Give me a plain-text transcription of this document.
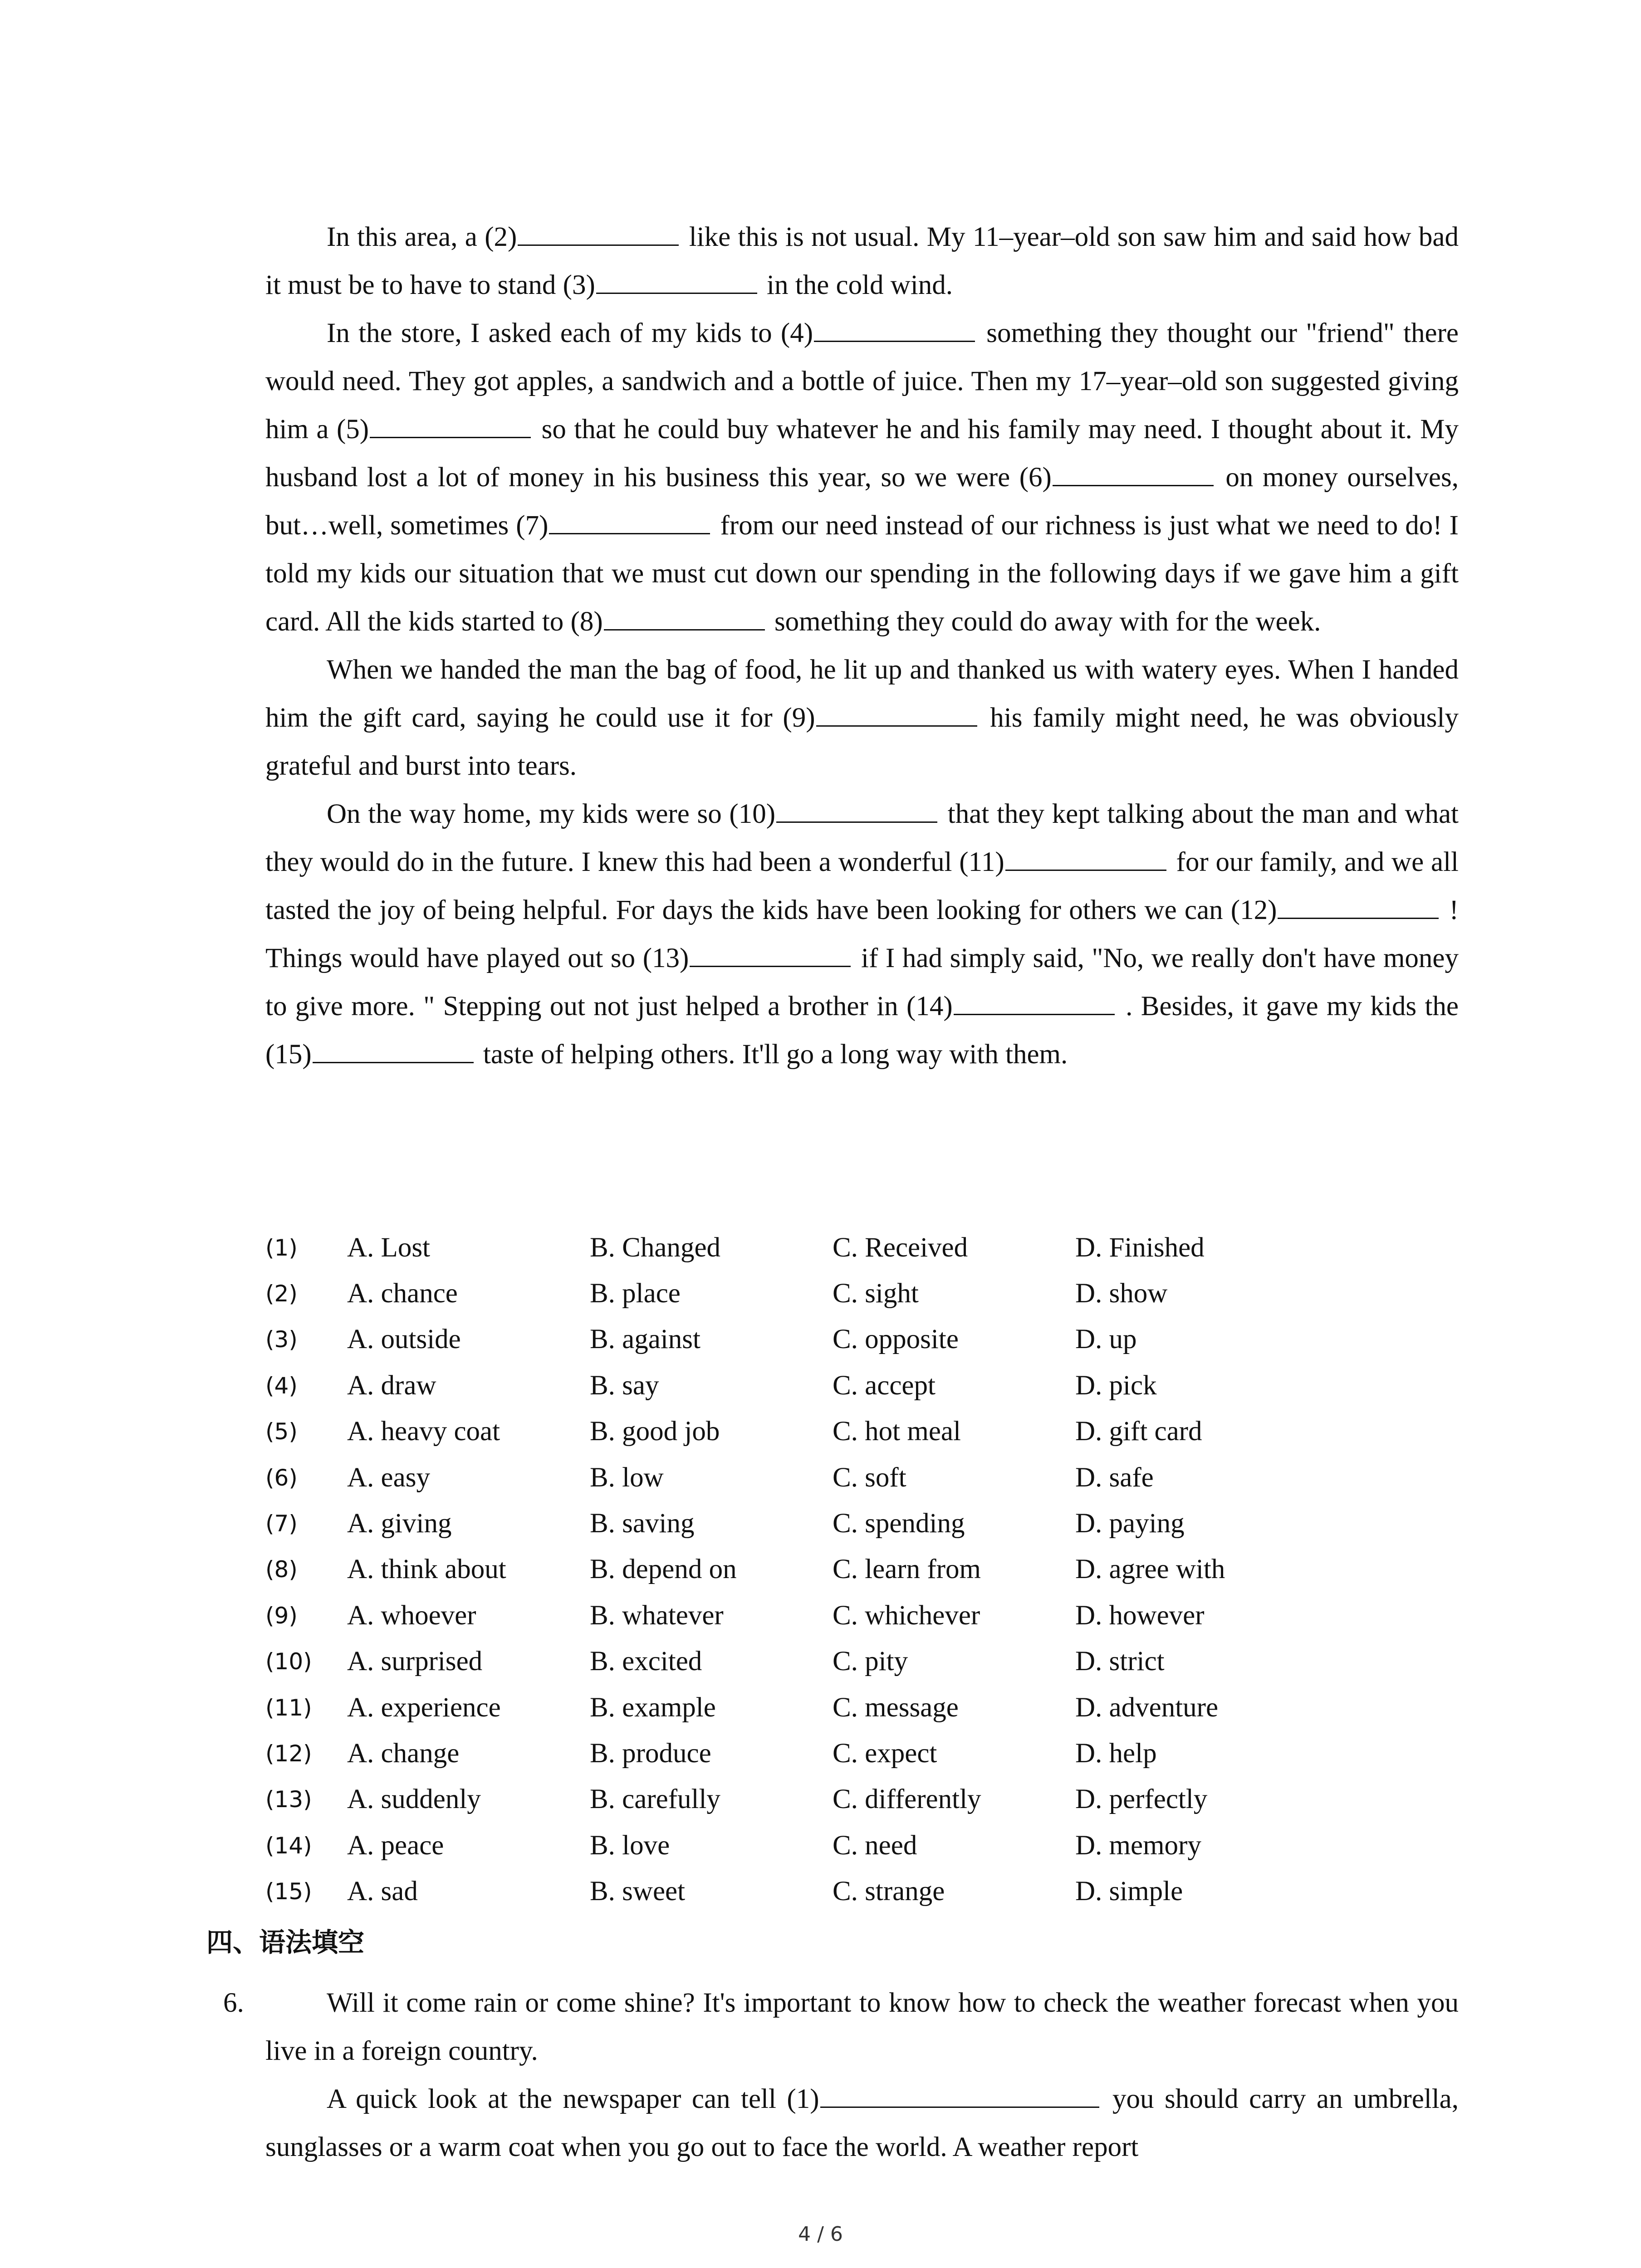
In this area, a (2)	like this is not usual. My 11–year–old son saw him and said how bad it must be to have to stand (3)	in the cold wind.

In the store, I asked each of my kids to (4)	something they thought our "friend" there would need. They got apples, a sandwich and a bottle of juice. Then my 17–year–old son suggested giving him a (5)	so that he could buy whatever he and his family may need. I thought about it. My husband lost a lot of money in his business this year, so we were (6)	on money ourselves, but…well, sometimes (7)	from our need instead of our richness is just what we need to do! I told my kids our situation that we must cut down our spending in the following days if we gave him a gift card. All the kids started to (8)	something they could do away with for the week.

When we handed the man the bag of food, he lit up and thanked us with watery eyes. When I handed him the gift card, saying he could use it for (9)	his family might need, he was obviously grateful and burst into tears.

On the way home, my kids were so (10)	that they kept talking about the man and what they would do in the future. I knew this had been a wonderful (11)	for our family, and we all tasted the joy of being helpful. For days the kids have been looking for others we can (12)	! Things would have played out so (13)	if I had simply said, "No, we really don't have money to give more. " Stepping out not just helped a brother in (14)	. Besides, it gave my kids the (15)	taste of helping others. It'll go a long way with them.

(1)	A. Lost	B. Changed	C. Received	D. Finished
(2)	A. chance	B. place	C. sight	D. show
(3)	A. outside	B. against	C. opposite	D. up
(4)	A. draw	B. say	C. accept	D. pick
(5)	A. heavy coat	B. good job	C. hot meal	D. gift card
(6)	A. easy	B. low	C. soft	D. safe
(7)	A. giving	B. saving	C. spending	D. paying
(8)	A. think about	B. depend on	C. learn from	D. agree with
(9)	A. whoever	B. whatever	C. whichever	D. however
(10)	A. surprised	B. excited	C. pity	D. strict
(11)	A. experience	B. example	C. message	D. adventure
(12)	A. change	B. produce	C. expect	D. help
(13)	A. suddenly	B. carefully	C. differently	D. perfectly
(14)	A. peace	B. love	C. need	D. memory
(15)	A. sad	B. sweet	C. strange	D. simple
四、语法填空
6.	Will it come rain or come shine? It's important to know how to check the weather forecast when you live in a foreign country.

A quick look at the newspaper can tell (1)	you should carry an umbrella, sunglasses or a warm coat when you go out to face the world. A weather report

4 / 6
